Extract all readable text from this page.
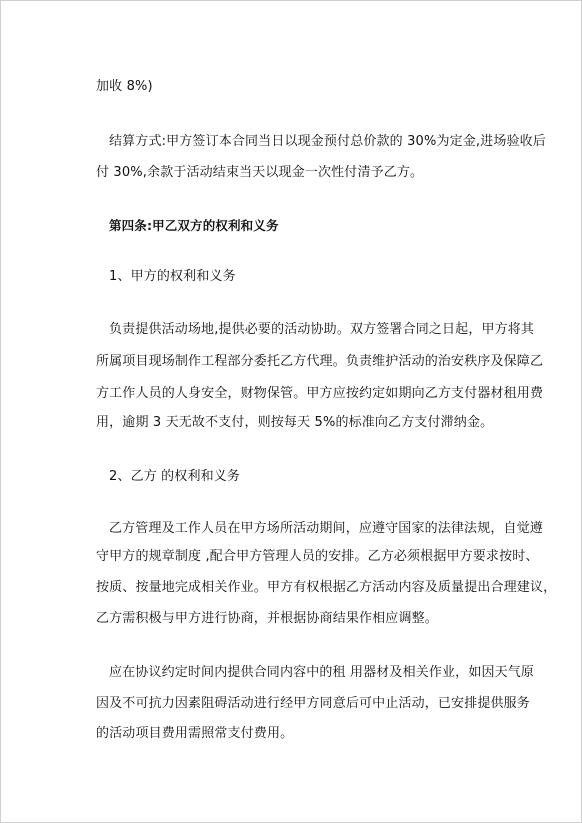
加收 8%)
结算方式:甲方签订本合同当日以现金预付总价款的 30%为定金,进场验收后
付 30%,余款于活动结束当天以现金一次性付清予乙方。
第四条:甲乙双方的权利和义务
1、甲方的权利和义务
负责提供活动场地,提供必要的活动协助。双方签署合同之日起，甲方将其
所属项目现场制作工程部分委托乙方代理。负责维护活动的治安秩序及保障乙
方工作人员的人身安全，财物保管。甲方应按约定如期向乙方支付器材租用费
用，逾期 3 天无故不支付，则按每天 5%的标准向乙方支付滞纳金。
2、乙方 的权利和义务
乙方管理及工作人员在甲方场所活动期间，应遵守国家的法律法规，自觉遵
守甲方的规章制度 ,配合甲方管理人员的安排。乙方必须根据甲方要求按时、
按质、按量地完成相关作业。甲方有权根据乙方活动内容及质量提出合理建议，
乙方需积极与甲方进行协商，并根据协商结果作相应调整。
应在协议约定时间内提供合同内容中的租 用器材及相关作业，如因天气原
因及不可抗力因素阻碍活动进行经甲方同意后可中止活动，已安排提供服务
的活动项目费用需照常支付费用。
